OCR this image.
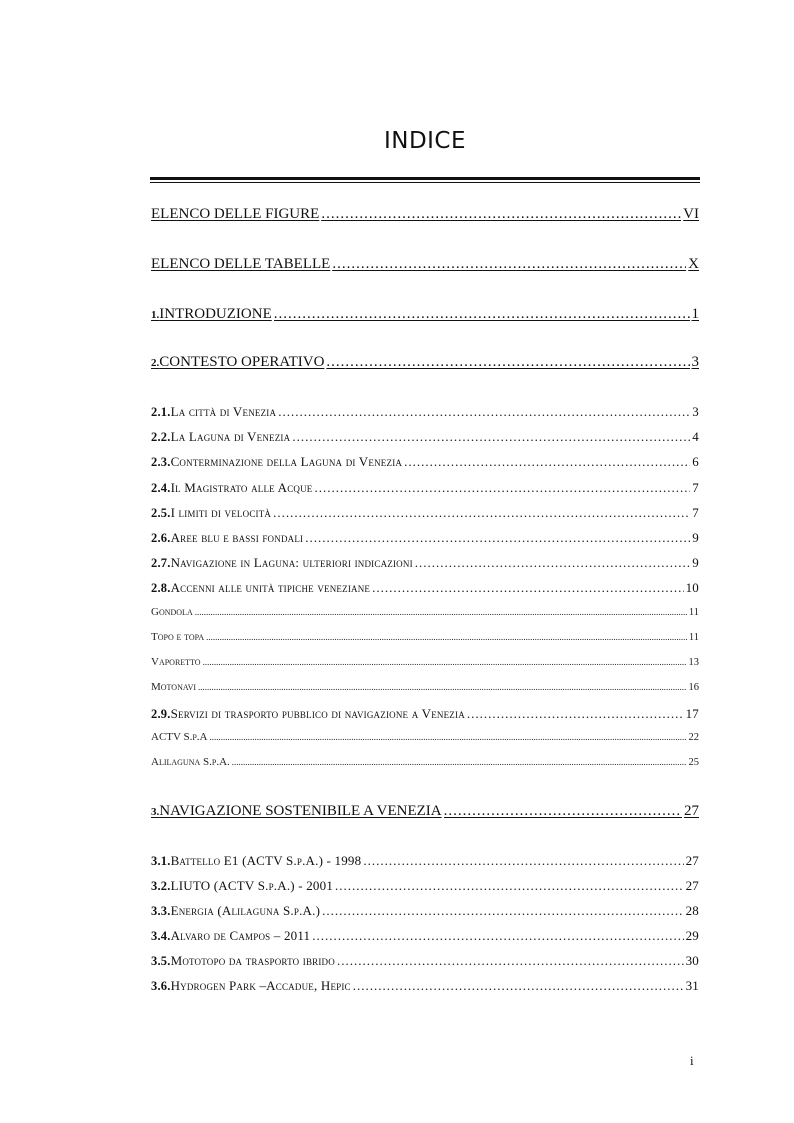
INDICE
ELENCO DELLE FIGURE .....	VI
ELENCO DELLE TABELLE .....	X
1. INTRODUZIONE .....	1
2. CONTESTO OPERATIVO .....	3
2.1. La città di Venezia .....	3
2.2. La Laguna di Venezia .....	4
2.3. Conterminazione della Laguna di Venezia .....	6
2.4. Il Magistrato alle Acque .....	7
2.5. I limiti di velocità .....	7
2.6. Aree blu e bassi fondali .....	9
2.7. Navigazione in Laguna: ulteriori indicazioni .....	9
2.8. Accenni alle unità tipiche veneziane .....	10
Gondola .....	11
Topo e topa .....	11
Vaporetto .....	13
Motonavi .....	16
2.9. Servizi di trasporto pubblico di navigazione a Venezia .....	17
ACTV S.p.A .....	22
Alilaguna S.p.A. .....	25
3. NAVIGAZIONE SOSTENIBILE A VENEZIA .....	27
3.1. Battello E1 (ACTV S.p.A.) - 1998 .....	27
3.2. LIUTO (ACTV S.p.A.) - 2001 .....	27
3.3. Energia (Alilaguna S.p.A.) .....	28
3.4. Alvaro de Campos – 2011 .....	29
3.5. Mototopo da trasporto ibrido .....	30
3.6. Hydrogen Park –Accadue, Hepic .....	31
i
